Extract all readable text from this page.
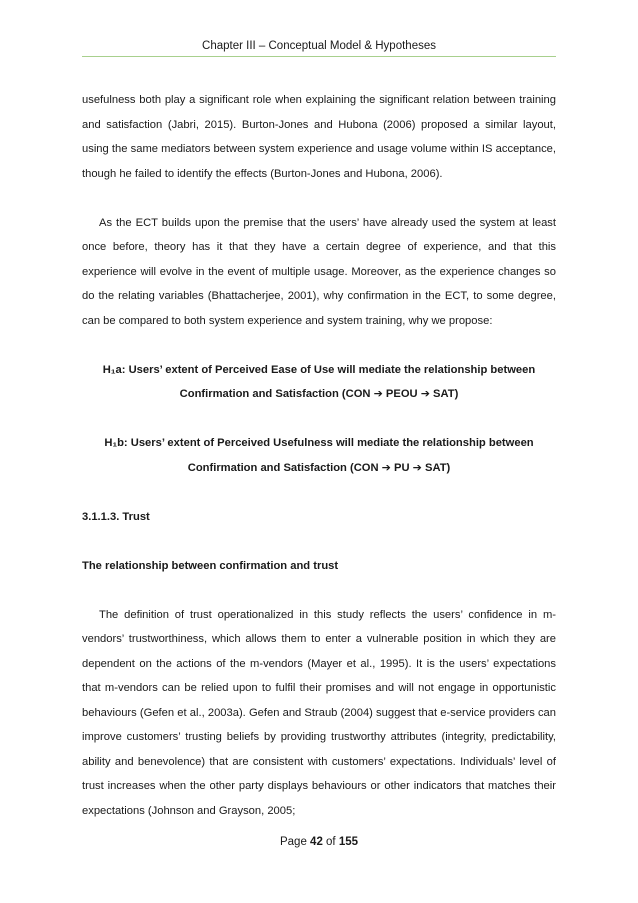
Chapter III – Conceptual Model & Hypotheses

usefulness both play a significant role when explaining the significant relation between training and satisfaction (Jabri, 2015). Burton-Jones and Hubona (2006) proposed a similar layout, using the same mediators between system experience and usage volume within IS acceptance, though he failed to identify the effects (Burton-Jones and Hubona, 2006).

As the ECT builds upon the premise that the users’ have already used the system at least once before, theory has it that they have a certain degree of experience, and that this experience will evolve in the event of multiple usage. Moreover, as the experience changes so do the relating variables (Bhattacherjee, 2001), why confirmation in the ECT, to some degree, can be compared to both system experience and system training, why we propose:

H₁a: Users’ extent of Perceived Ease of Use will mediate the relationship between

Confirmation and Satisfaction (CON ➔ PEOU ➔ SAT)

H₁b: Users’ extent of Perceived Usefulness will mediate the relationship between

Confirmation and Satisfaction (CON ➔ PU ➔ SAT)

3.1.1.3. Trust

The relationship between confirmation and trust

The definition of trust operationalized in this study reflects the users’ confidence in m-vendors’ trustworthiness, which allows them to enter a vulnerable position in which they are dependent on the actions of the m-vendors (Mayer et al., 1995). It is the users’ expectations that m-vendors can be relied upon to fulfil their promises and will not engage in opportunistic behaviours (Gefen et al., 2003a). Gefen and Straub (2004) suggest that e-service providers can improve customers’ trusting beliefs by providing trustworthy attributes (integrity, predictability, ability and benevolence) that are consistent with customers’ expectations. Individuals’ level of trust increases when the other party displays behaviours or other indicators that matches their expectations (Johnson and Grayson, 2005;

Page 42 of 155
